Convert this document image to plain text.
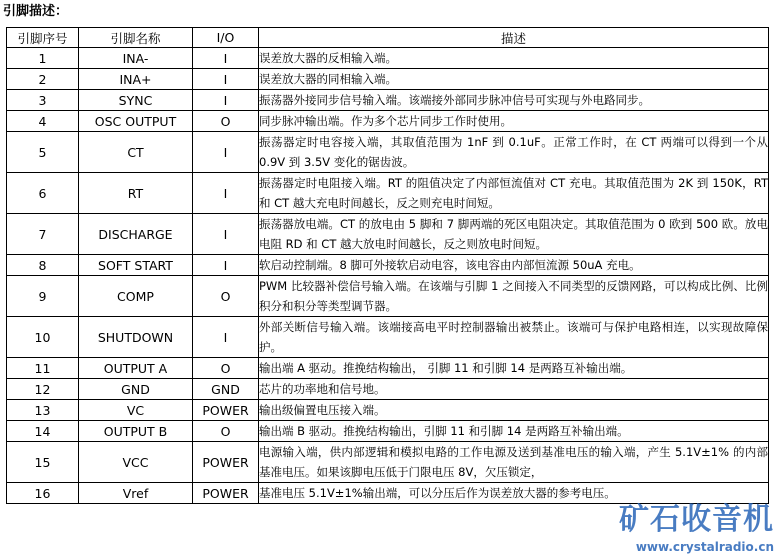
引脚描述：
引脚序号	引脚名称	I/O	描述
1	INA-	I	误差放大器的反相输入端。
2	INA+	I	误差放大器的同相输入端。
3	SYNC	I	振荡器外接同步信号输入端。该端接外部同步脉冲信号可实现与外电路同步。
4	OSC OUTPUT	O	同步脉冲输出端。作为多个芯片同步工作时使用。
5	CT	I	振荡器定时电容接入端，其取值范围为 1nF 到 0.1uF。正常工作时，在 CT 两端可以得到一个从 0.9V 到 3.5V 变化的锯齿波。
6	RT	I	振荡器定时电阻接入端。RT 的阻值决定了内部恒流值对 CT 充电。其取值范围为 2K 到 150K，RT 和 CT 越大充电时间越长，反之则充电时间短。
7	DISCHARGE	I	振荡器放电端。CT 的放电由 5 脚和 7 脚两端的死区电阻决定。其取值范围为 0 欧到 500 欧。放电电阻 RD 和 CT 越大放电时间越长，反之则放电时间短。
8	SOFT START	I	软启动控制端。8 脚可外接软启动电容，该电容由内部恒流源 50uA 充电。
9	COMP	O	PWM 比较器补偿信号输入端。在该端与引脚 1 之间接入不同类型的反馈网路，可以构成比例、比例积分和积分等类型调节器。
10	SHUTDOWN	I	外部关断信号输入端。该端接高电平时控制器输出被禁止。该端可与保护电路相连，以实现故障保护。
11	OUTPUT A	O	输出端 A 驱动。推挽结构输出， 引脚 11 和引脚 14 是两路互补输出端。
12	GND	GND	芯片的功率地和信号地。
13	VC	POWER	输出级偏置电压接入端。
14	OUTPUT B	O	输出端 B 驱动。推挽结构输出，引脚 11 和引脚 14 是两路互补输出端。
15	VCC	POWER	电源输入端，供内部逻辑和模拟电路的工作电源及送到基准电压的输入端，产生 5.1V±1% 的内部基准电压。如果该脚电压低于门限电压 8V，欠压锁定，
16	Vref	POWER	基准电压 5.1V±1%输出端，可以分压后作为误差放大器的参考电压。
矿石收音机
www.crystalradio.cn
